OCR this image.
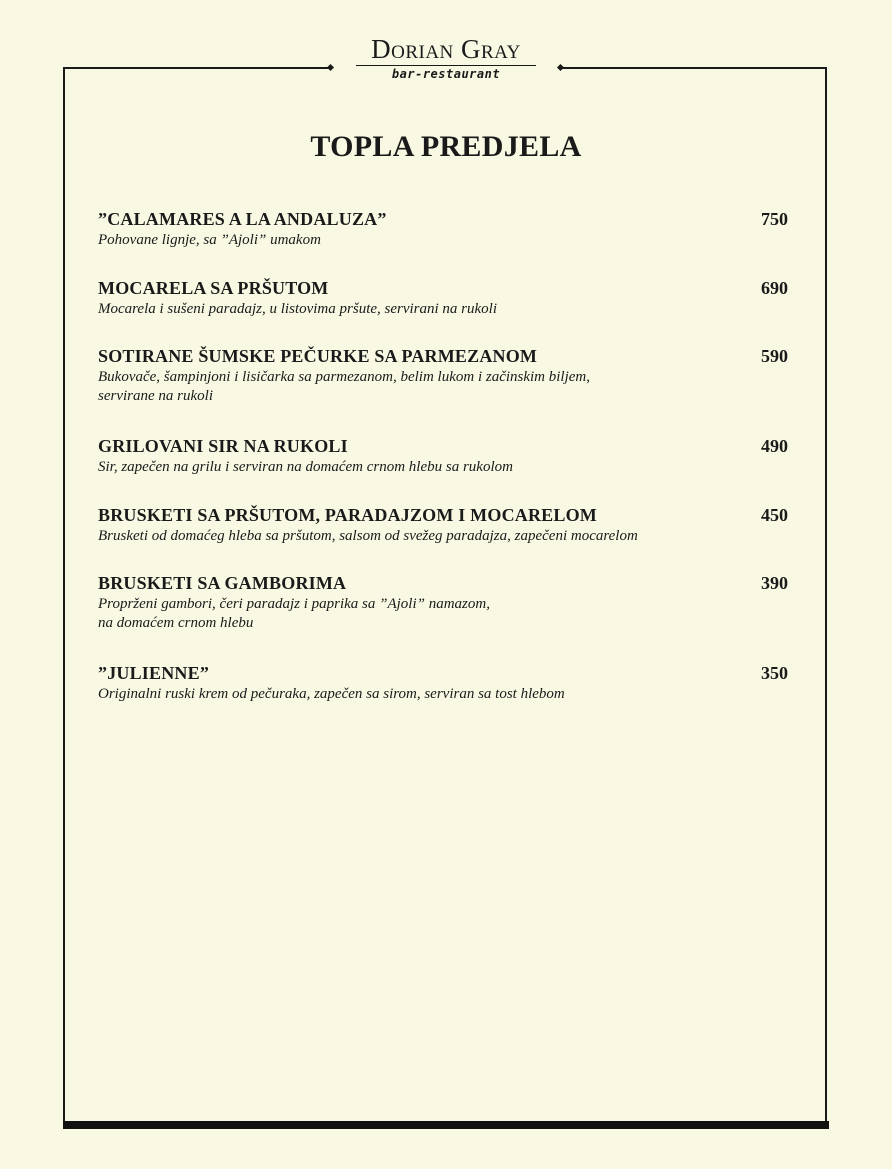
Dorian Gray
bar-restaurant
TOPLA PREDJELA
”CALAMARES A LA ANDALUZA”	750
Pohovane lignje, sa ”Ajoli” umakom
MOCARELA SA PRŠUTOM	690
Mocarela i sušeni paradajz, u listovima pršute, servirani na rukoli
SOTIRANE ŠUMSKE PEČURKE SA PARMEZANOM	590
Bukovače, šampinjoni i lisičarka sa parmezanom, belim lukom i začinskim biljem,
servirane na rukoli
GRILOVANI SIR NA RUKOLI	490
Sir, zapečen na grilu i serviran na domaćem crnom hlebu sa rukolom
BRUSKETI SA PRŠUTOM, PARADAJZOM I MOCARELOM	450
Brusketi od domaćeg hleba sa pršutom, salsom od svežeg paradajza, zapečeni mocarelom
BRUSKETI SA GAMBORIMA	390
Proprženi gambori, čeri paradajz i paprika sa ”Ajoli” namazom,
na domaćem crnom hlebu
”JULIENNE”	350
Originalni ruski krem od pečuraka, zapečen sa sirom, serviran sa tost hlebom
